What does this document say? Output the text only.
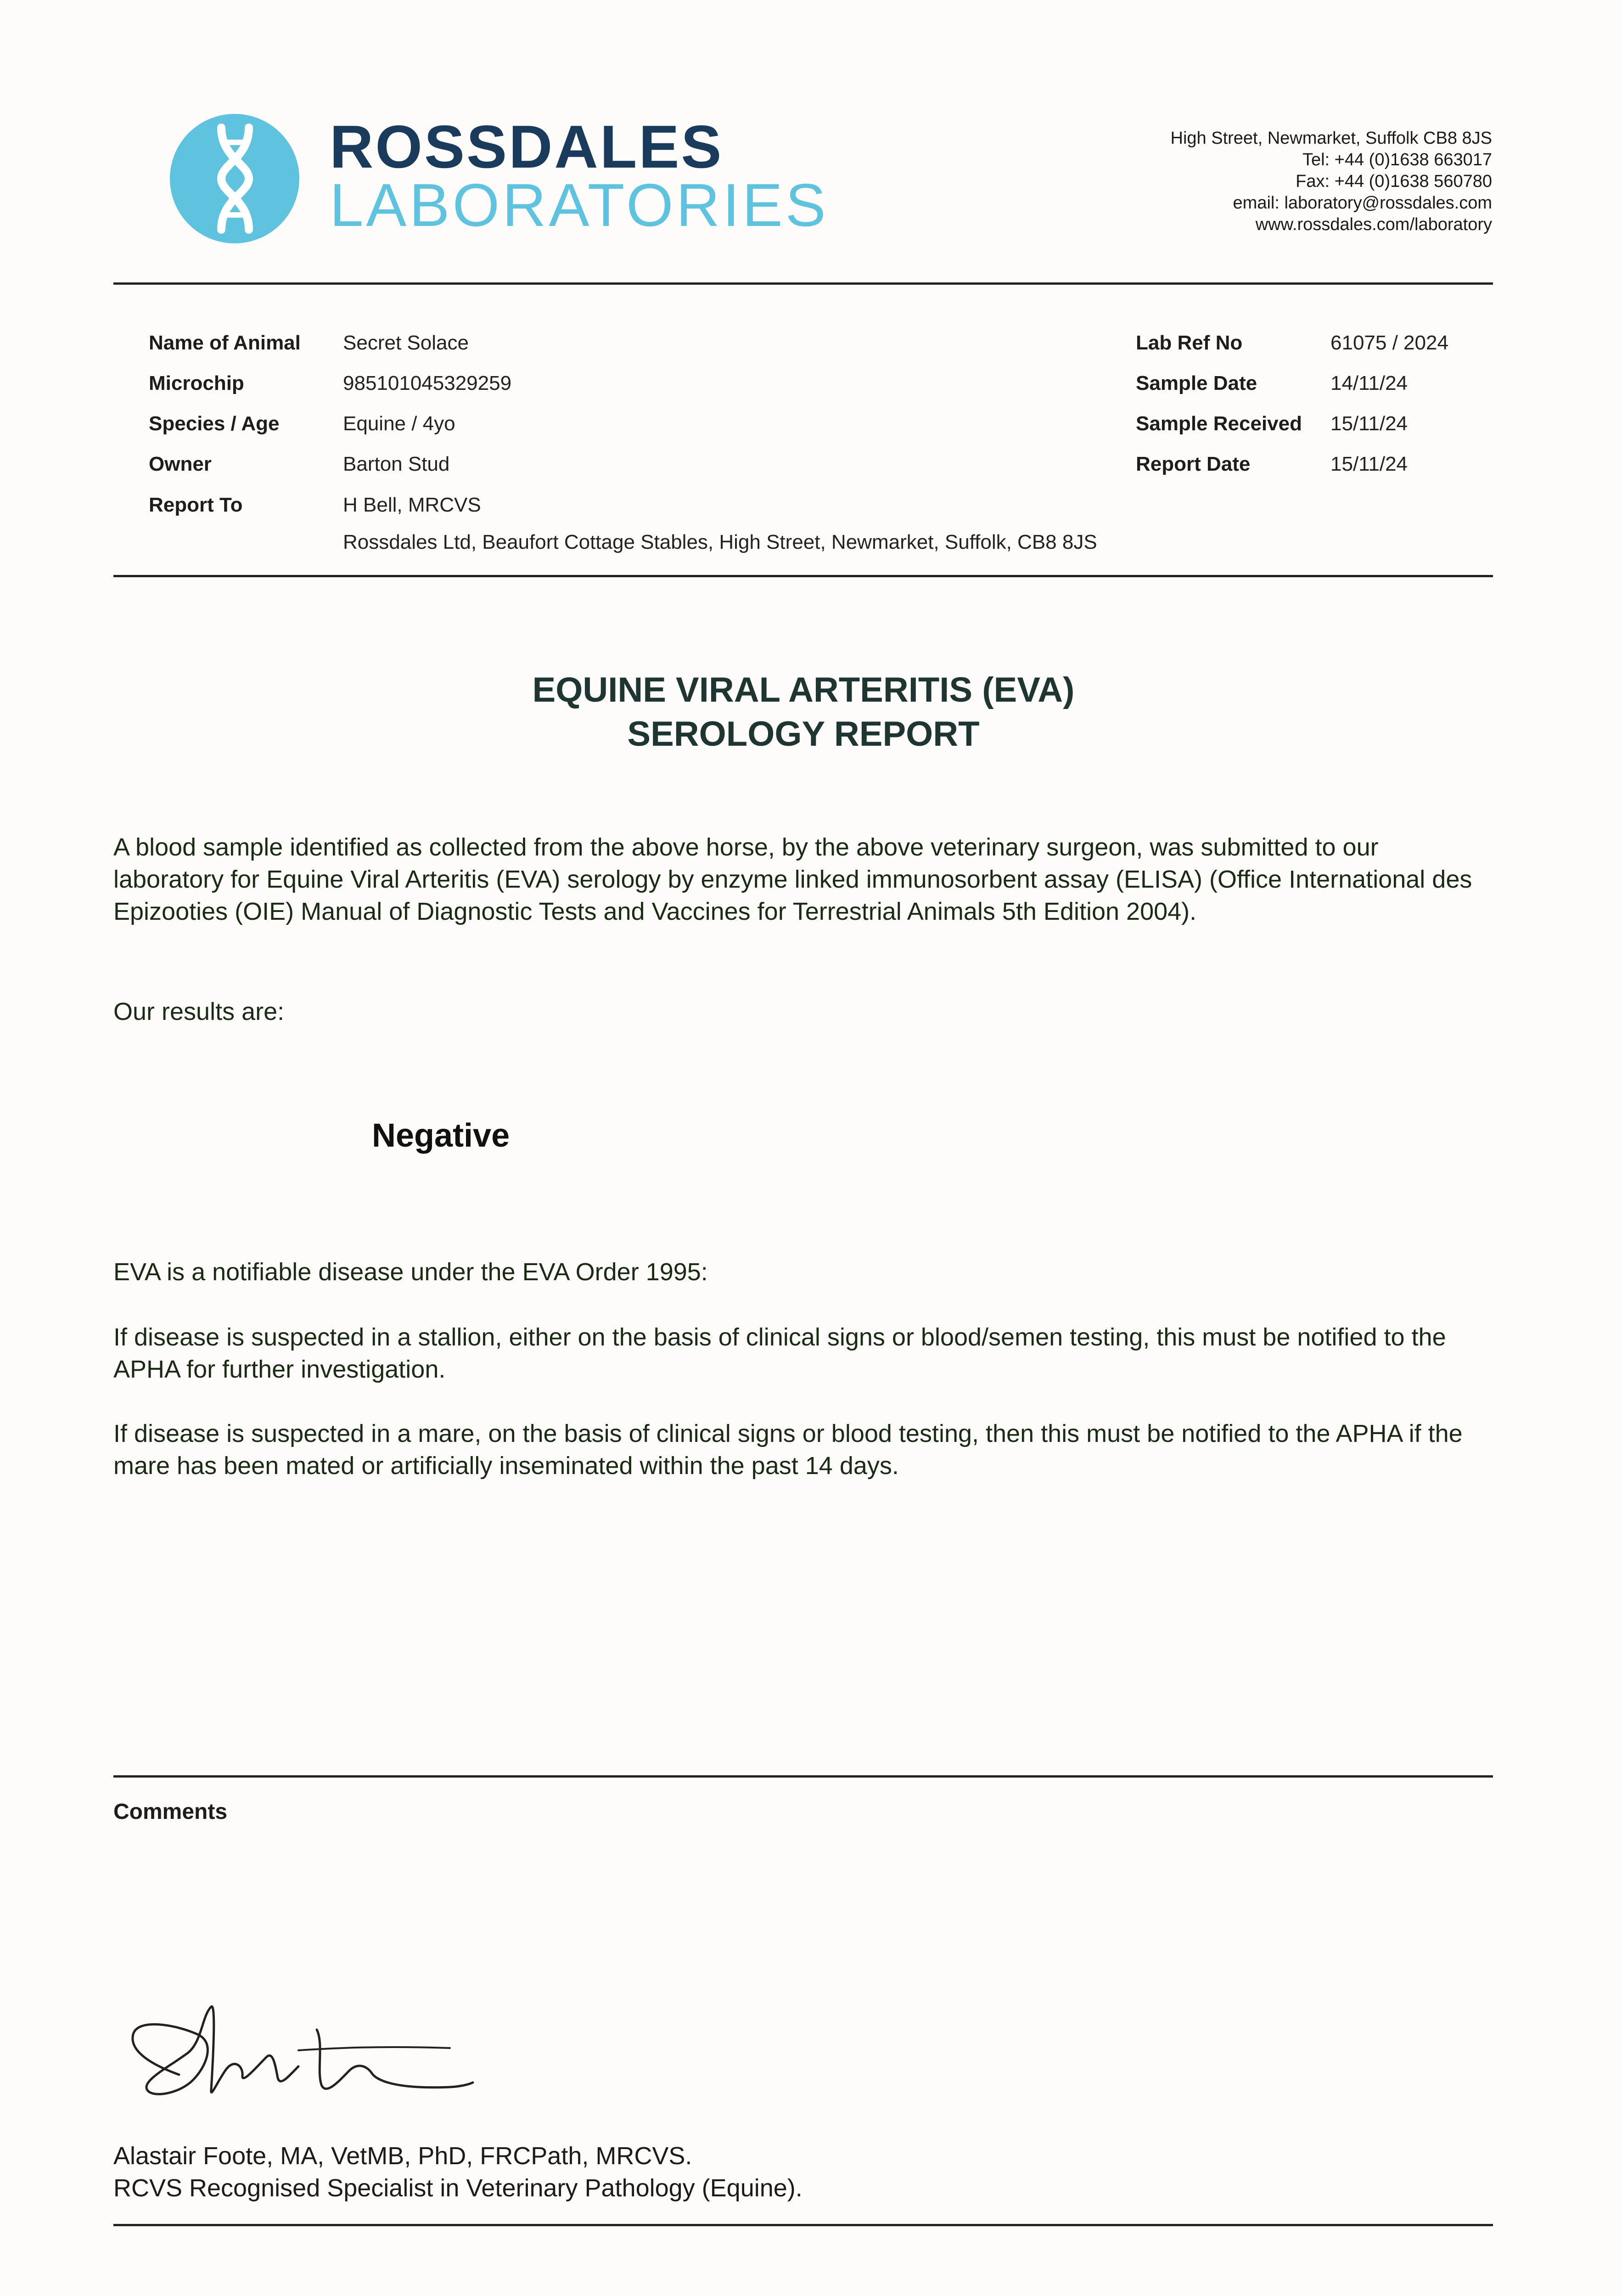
ROSSDALES
LABORATORIES
High Street, Newmarket, Suffolk CB8 8JS
Tel: +44 (0)1638 663017
Fax: +44 (0)1638 560780
email: laboratory@rossdales.com
www.rossdales.com/laboratory
Name of Animal Secret Solace
Microchip	985101045329259
Species / Age	Equine / 4yo
Owner	Barton Stud
Report To	H Bell, MRCVS
Rossdales Ltd, Beaufort Cottage Stables, High Street, Newmarket, Suffolk, CB8 8JS
Lab Ref No	61075 / 2024
Sample Date	14/11/24
Sample Received 15/11/24
Report Date	15/11/24
EQUINE VIRAL ARTERITIS (EVA)
SEROLOGY REPORT
A blood sample identified as collected from the above horse, by the above veterinary surgeon, was submitted to our laboratory for Equine Viral Arteritis (EVA) serology by enzyme linked immunosorbent assay (ELISA) (Office International des Epizooties (OIE) Manual of Diagnostic Tests and Vaccines for Terrestrial Animals 5th Edition 2004).
Our results are:
Negative
EVA is a notifiable disease under the EVA Order 1995:
If disease is suspected in a stallion, either on the basis of clinical signs or blood/semen testing, this must be notified to the APHA for further investigation.
If disease is suspected in a mare, on the basis of clinical signs or blood testing, then this must be notified to the APHA if the mare has been mated or artificially inseminated within the past 14 days.
Comments
Alastair Foote, MA, VetMB, PhD, FRCPath, MRCVS.
RCVS Recognised Specialist in Veterinary Pathology (Equine).
